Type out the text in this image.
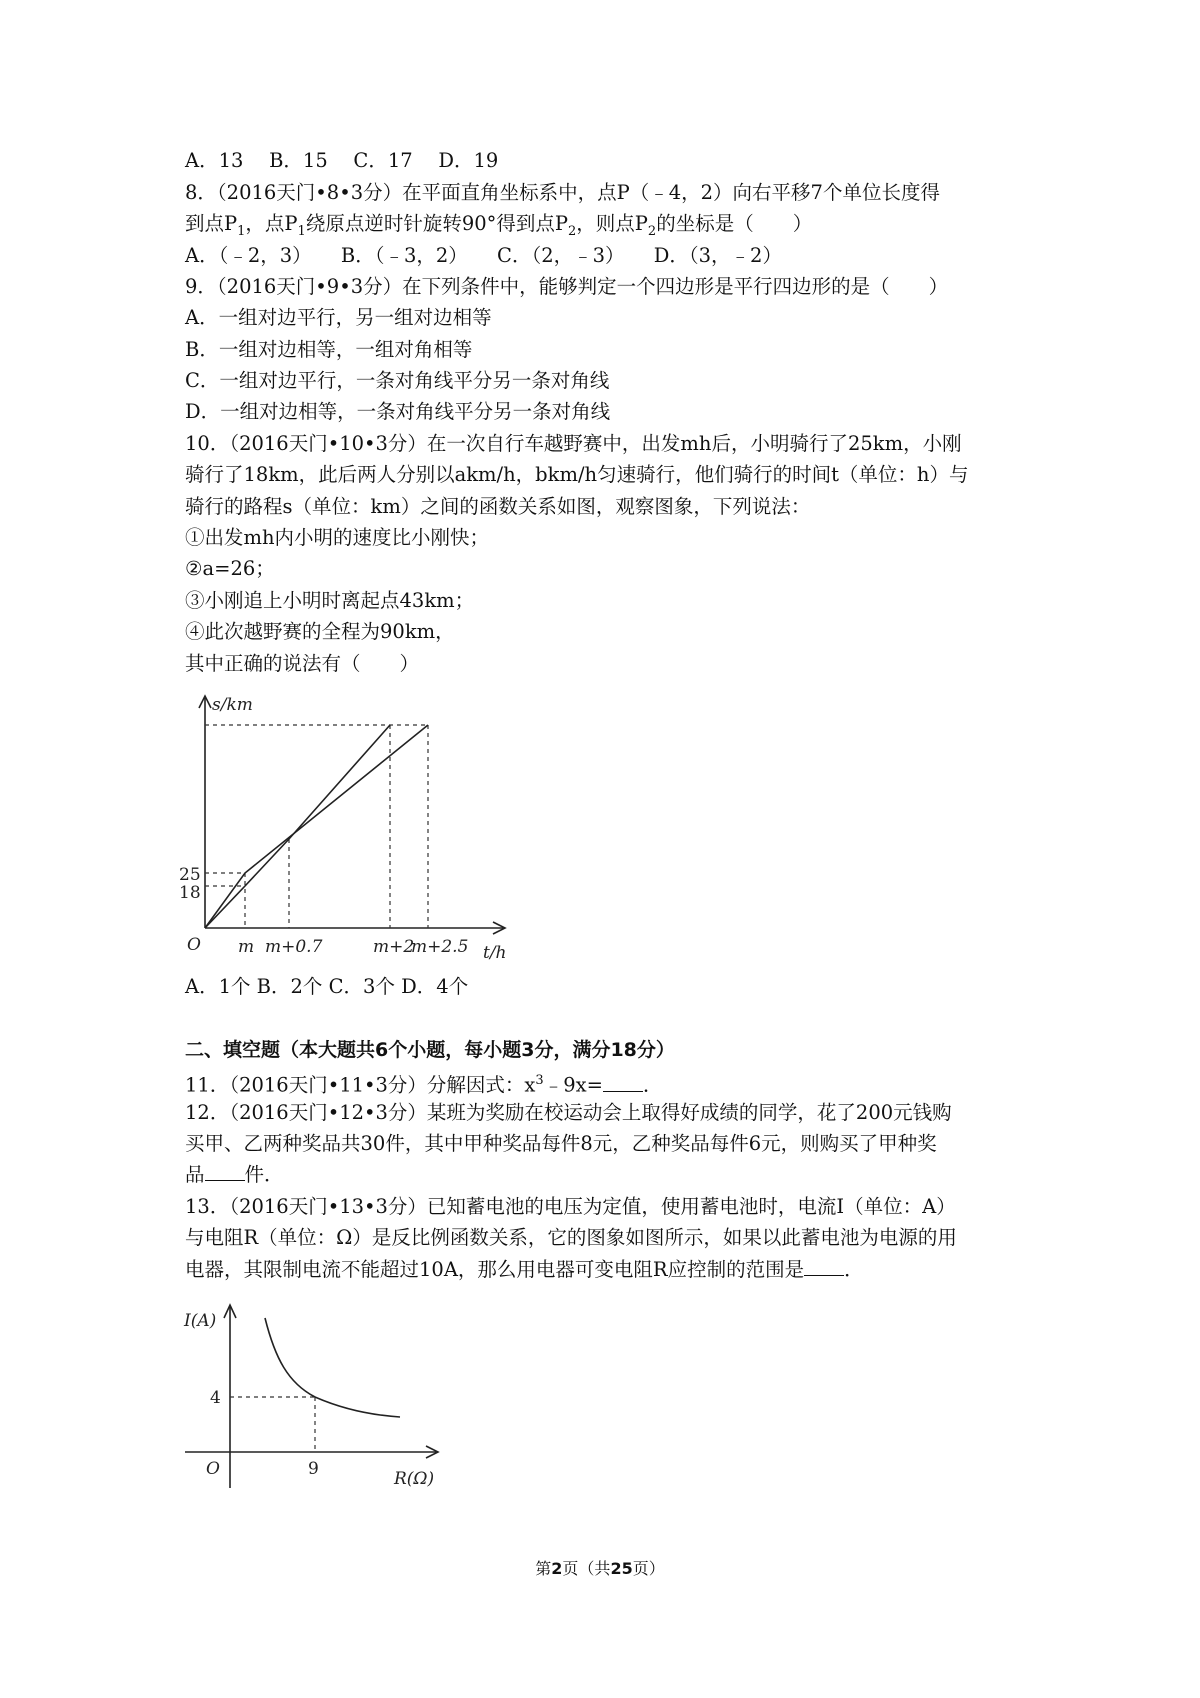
A．13　 B．15　 C．17　 D．19
8．（2016天门•8•3分）在平面直角坐标系中，点P（﹣4，2）向右平移7个单位长度得
到点$P_1$，点$P_1$绕原点逆时针旋转90°得到点$P_2$，则点$P_2$的坐标是（　　）
A．（﹣2，3）　　B．（﹣3，2）　　C．（2，﹣3）　　D．（3，﹣2）
9．（2016天门•9•3分）在下列条件中，能够判定一个四边形是平行四边形的是（　　）
A．一组对边平行，另一组对边相等
B．一组对边相等，一组对角相等
C．一组对边平行，一条对角线平分另一条对角线
D．一组对边相等，一条对角线平分另一条对角线
10．（2016天门•10•3分）在一次自行车越野赛中，出发mh后，小明骑行了25km，小刚
骑行了18km，此后两人分别以akm/h，bkm/h匀速骑行，他们骑行的时间t（单位：h）与
骑行的路程s（单位：km）之间的函数关系如图，观察图象，下列说法：
①出发mh内小明的速度比小刚快；
②a=26；
③小刚追上小明时离起点43km；
④此次越野赛的全程为90km，
其中正确的说法有（　　）
s/km
t/h
O
25
18
m m+0.7	m+2
m+2.5
A．1个 B．2个 C．3个 D．4个
二、填空题（本大题共6个小题，每小题3分，满分18分）
11．（2016天门•11•3分）分解因式：$x^3﹣9x=$ ．
12．（2016天门•12•3分）某班为奖励在校运动会上取得好成绩的同学，花了200元钱购
买甲、乙两种奖品共30件，其中甲种奖品每件8元，乙种奖品每件6元，则购买了甲种奖
品 件．
13．（2016天门•13•3分）已知蓄电池的电压为定值，使用蓄电池时，电流I（单位：A）
与电阻R（单位：Ω）是反比例函数关系，它的图象如图所示，如果以此蓄电池为电源的用
电器，其限制电流不能超过10A，那么用电器可变电阻R应控制的范围是 ．
I(A)
R(Ω)
O
4
9
第2页（共25页）
